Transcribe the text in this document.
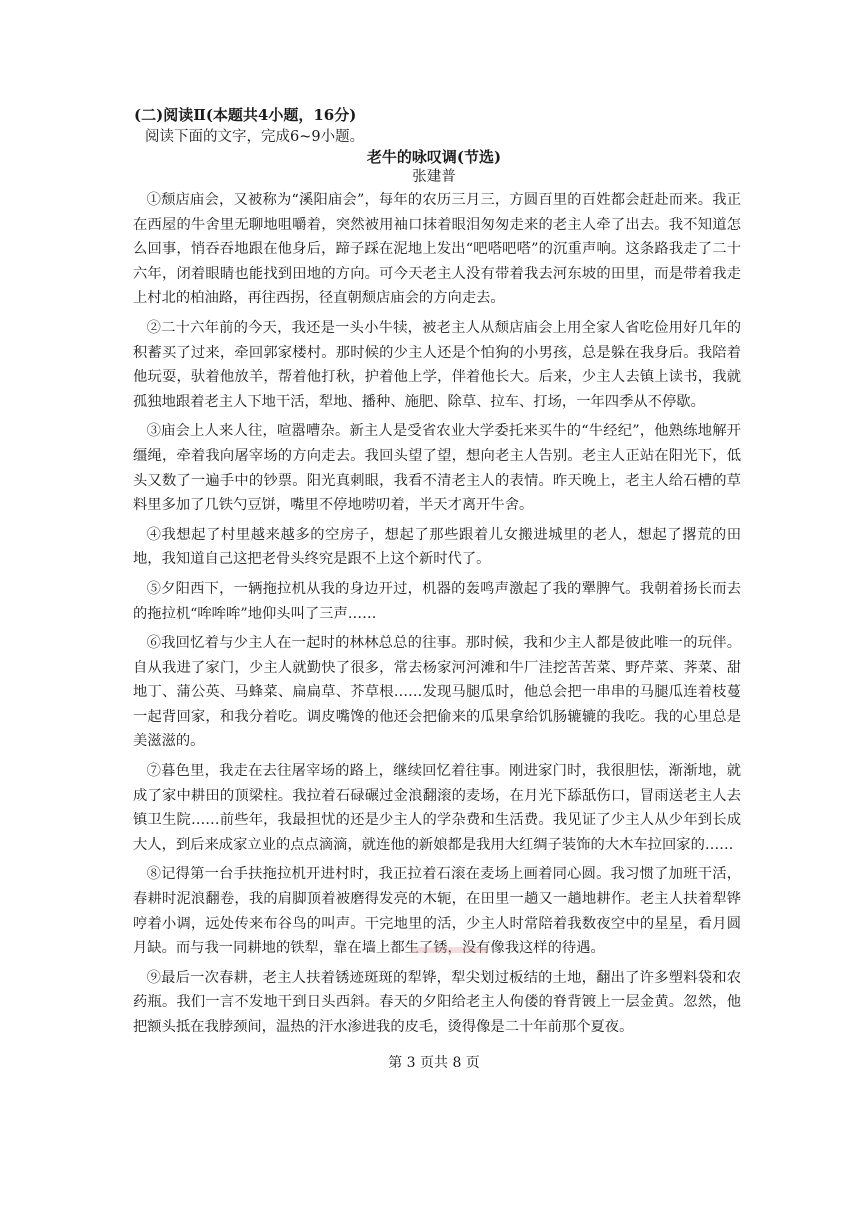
(二)阅读Ⅱ(本题共4小题，16分)
阅读下面的文字，完成6~9小题。
老牛的咏叹调(节选)
张建普

①颓店庙会，又被称为“溪阳庙会”，每年的农历三月三，方圆百里的百姓都会赶赴而来。我正在西屋的牛舍里无聊地咀嚼着，突然被用袖口抹着眼泪匆匆走来的老主人牵了出去。我不知道怎么回事，悄吞吞地跟在他身后，蹄子踩在泥地上发出“吧嗒吧嗒”的沉重声响。这条路我走了二十六年，闭着眼睛也能找到田地的方向。可今天老主人没有带着我去河东坡的田里，而是带着我走上村北的柏油路，再往西拐，径直朝颓店庙会的方向走去。

②二十六年前的今天，我还是一头小牛犊，被老主人从颓店庙会上用全家人省吃俭用好几年的积蓄买了过来，牵回郭家楼村。那时候的少主人还是个怕狗的小男孩，总是躲在我身后。我陪着他玩耍，驮着他放羊，帮着他打秋，护着他上学，伴着他长大。后来，少主人去镇上读书，我就孤独地跟着老主人下地干活，犁地、播种、施肥、除草、拉车、打场，一年四季从不停歇。

③庙会上人来人往，喧嚣嘈杂。新主人是受省农业大学委托来买牛的“牛经纪”，他熟练地解开缰绳，牵着我向屠宰场的方向走去。我回头望了望，想向老主人告别。老主人正站在阳光下，低头又数了一遍手中的钞票。阳光真刺眼，我看不清老主人的表情。昨天晚上，老主人给石槽的草料里多加了几铁勺豆饼，嘴里不停地唠叨着，半天才离开牛舍。

④我想起了村里越来越多的空房子，想起了那些跟着儿女搬进城里的老人，想起了撂荒的田地，我知道自己这把老骨头终究是跟不上这个新时代了。

⑤夕阳西下，一辆拖拉机从我的身边开过，机器的轰鸣声激起了我的犟脾气。我朝着扬长而去的拖拉机“哞哞哞”地仰头叫了三声……

⑥我回忆着与少主人在一起时的林林总总的往事。那时候，我和少主人都是彼此唯一的玩伴。自从我进了家门，少主人就勤快了很多，常去杨家河河滩和牛厂洼挖苦苦菜、野芹菜、荠菜、甜地丁、蒲公英、马蜂菜、扁扁草、芥草根……发现马腿瓜时，他总会把一串串的马腿瓜连着枝蔓一起背回家，和我分着吃。调皮嘴馋的他还会把偷来的瓜果拿给饥肠辘辘的我吃。我的心里总是美滋滋的。

⑦暮色里，我走在去往屠宰场的路上，继续回忆着往事。刚进家门时，我很胆怯，渐渐地，就成了家中耕田的顶梁柱。我拉着石碌碾过金浪翻滚的麦场，在月光下舔舐伤口，冒雨送老主人去镇卫生院……前些年，我最担忧的还是少主人的学杂费和生活费。我见证了少主人从少年到长成大人，到后来成家立业的点点滴滴，就连他的新娘都是我用大红绸子装饰的大木车拉回家的……

⑧记得第一台手扶拖拉机开进村时，我正拉着石滚在麦场上画着同心圆。我习惯了加班干活，春耕时泥浪翻卷，我的肩脚顶着被磨得发亮的木轭，在田里一趟又一趟地耕作。老主人扶着犁铧哼着小调，远处传来布谷鸟的叫声。干完地里的活，少主人时常陪着我数夜空中的星星，看月圆月缺。而与我一同耕地的铁犁，靠在墙上都生了锈，没有像我这样的待遇。

⑨最后一次春耕，老主人扶着锈迹斑斑的犁铧，犁尖划过板结的土地，翻出了许多塑料袋和农药瓶。我们一言不发地干到日头西斜。春天的夕阳给老主人佝偻的脊背镀上一层金黄。忽然，他把额头抵在我脖颈间，温热的汗水渗进我的皮毛，烫得像是二十年前那个夏夜。

第 3 页共 8 页
